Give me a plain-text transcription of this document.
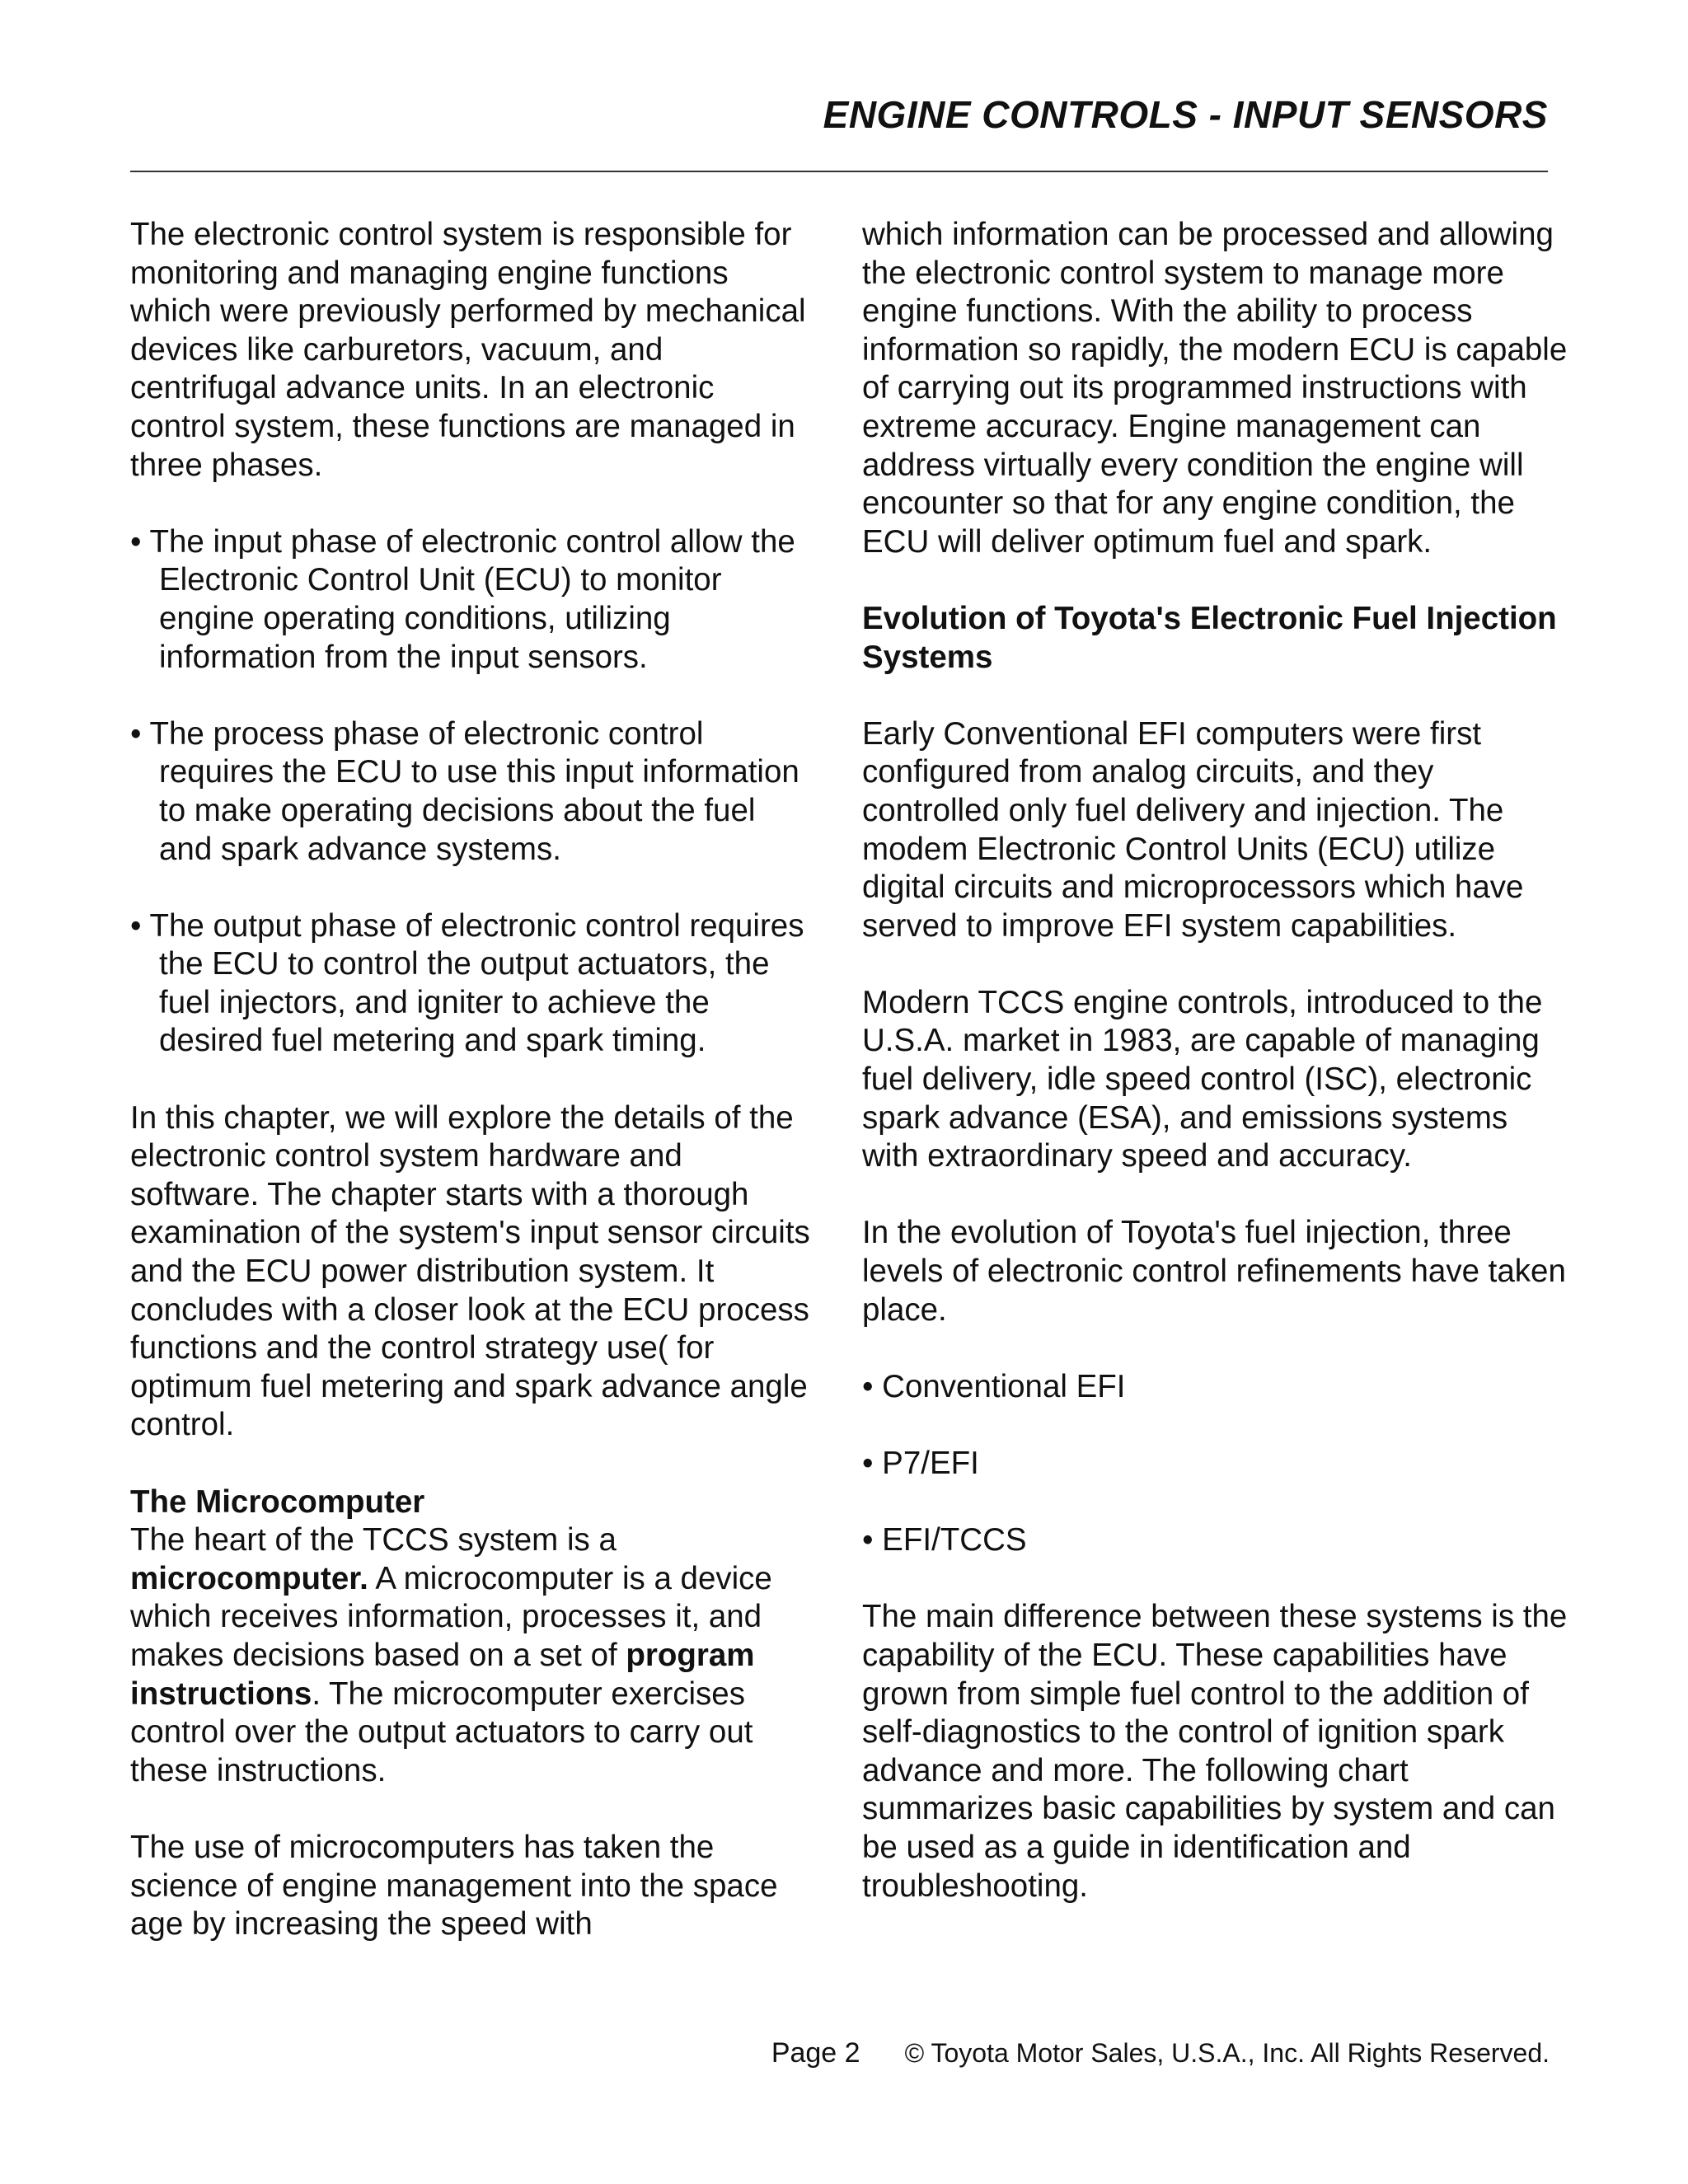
ENGINE CONTROLS - INPUT SENSORS

The electronic control system is responsible for monitoring and managing engine functions which were previously performed by mechanical devices like carburetors, vacuum, and centrifugal advance units. In an electronic control system, these functions are managed in three phases.

• The input phase of electronic control allow the Electronic Control Unit (ECU) to monitor engine operating conditions, utilizing information from the input sensors.

• The process phase of electronic control requires the ECU to use this input information to make operating decisions about the fuel and spark advance systems.

• The output phase of electronic control requires the ECU to control the output actuators, the fuel injectors, and igniter to achieve the desired fuel metering and spark timing.

In this chapter, we will explore the details of the electronic control system hardware and software. The chapter starts with a thorough examination of the system's input sensor circuits and the ECU power distribution system. It concludes with a closer look at the ECU process functions and the control strategy use( for optimum fuel metering and spark advance angle control.

The Microcomputer

The heart of the TCCS system is a microcomputer. A microcomputer is a device which receives information, processes it, and makes decisions based on a set of program instructions. The microcomputer exercises control over the output actuators to carry out these instructions.

The use of microcomputers has taken the science of engine management into the space age by increasing the speed with

which information can be processed and allowing the electronic control system to manage more engine functions. With the ability to process information so rapidly, the modern ECU is capable of carrying out its programmed instructions with extreme accuracy. Engine management can address virtually every condition the engine will encounter so that for any engine condition, the ECU will deliver optimum fuel and spark.

Evolution of Toyota's Electronic Fuel Injection Systems

Early Conventional EFI computers were first configured from analog circuits, and they controlled only fuel delivery and injection. The modem Electronic Control Units (ECU) utilize digital circuits and microprocessors which have served to improve EFI system capabilities.

Modern TCCS engine controls, introduced to the U.S.A. market in 1983, are capable of managing fuel delivery, idle speed control (ISC), electronic spark advance (ESA), and emissions systems with extraordinary speed and accuracy.

In the evolution of Toyota's fuel injection, three levels of electronic control refinements have taken place.

• Conventional EFI

• P7/EFI

• EFI/TCCS

The main difference between these systems is the capability of the ECU. These capabilities have grown from simple fuel control to the addition of self-diagnostics to the control of ignition spark advance and more. The following chart summarizes basic capabilities by system and can be used as a guide in identification and troubleshooting.

Page 2 © Toyota Motor Sales, U.S.A., Inc. All Rights Reserved.
